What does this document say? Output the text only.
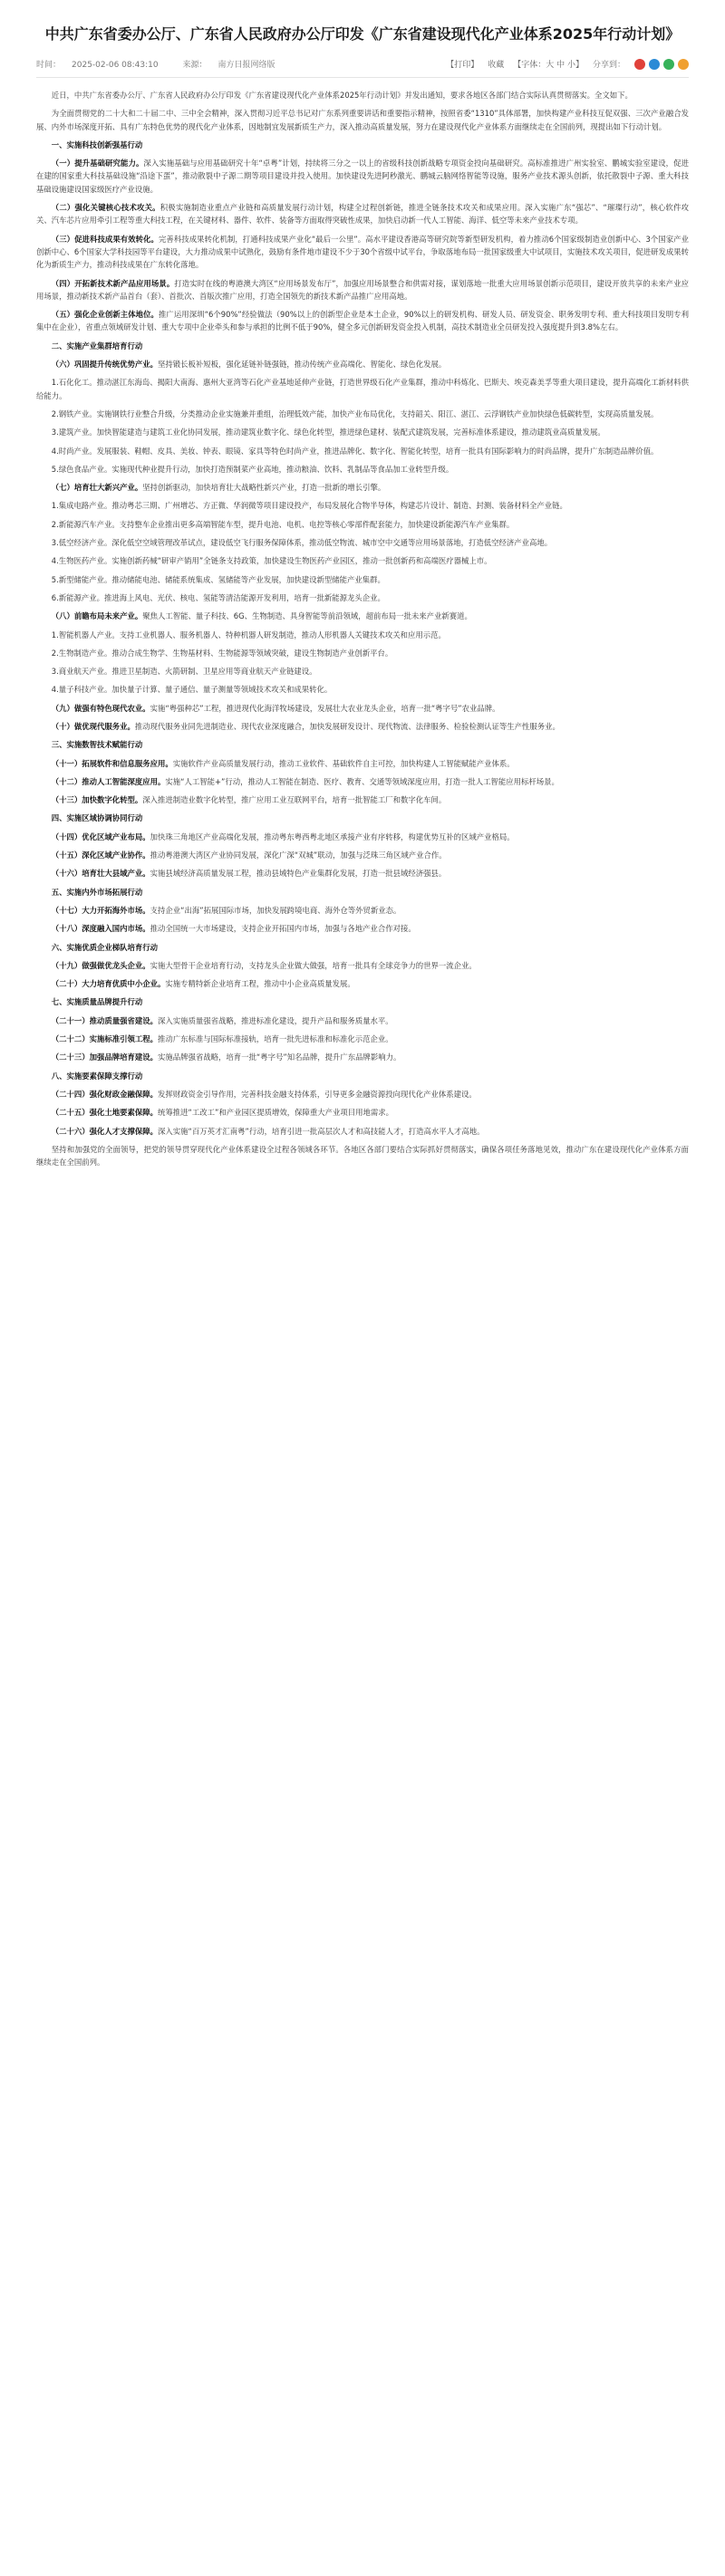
中共广东省委办公厅、广东省人民政府办公厅印发《广东省建设现代化产业体系2025年行动计划》
时间： 2025-02-06 08:43:10	来源： 南方日报网络版	【打印】 收藏 【字体：大 中 小】 分享到：

近日，中共广东省委办公厅、广东省人民政府办公厅印发《广东省建设现代化产业体系2025年行动计划》并发出通知，要求各地区各部门结合实际认真贯彻落实。全文如下。

为全面贯彻党的二十大和二十届二中、三中全会精神，深入贯彻习近平总书记对广东系列重要讲话和重要指示精神，按照省委“1310”具体部署，加快构建产业科技互促双强、三次产业融合发展、内外市场深度开拓、具有广东特色优势的现代化产业体系，因地制宜发展新质生产力，深入推动高质量发展，努力在建设现代化产业体系方面继续走在全国前列，现提出如下行动计划。

一、实施科技创新强基行动

（一）提升基础研究能力。深入实施基础与应用基础研究十年“卓粤”计划，持续将三分之一以上的省级科技创新战略专项资金投向基础研究。高标准推进广州实验室、鹏城实验室建设，促进在建的国家重大科技基础设施“沿途下蛋”，推动散裂中子源二期等项目建设并投入使用。加快建设先进阿秒激光、鹏城云脑网络智能等设施，服务产业技术源头创新，依托散裂中子源、重大科技基础设施建设国家级医疗产业设施。

（二）强化关键核心技术攻关。积极实施制造业重点产业链和高质量发展行动计划，构建全过程创新链，推进全链条技术攻关和成果应用。深入实施广东“强芯”、“璀璨行动”，核心软件攻关、汽车芯片应用牵引工程等重大科技工程，在关键材料、器件、软件、装备等方面取得突破性成果，加快启动新一代人工智能、海洋、低空等未来产业技术专项。

（三）促进科技成果有效转化。完善科技成果转化机制，打通科技成果产业化“最后一公里”。高水平建设香港高等研究院等新型研发机构，着力推动6个国家级制造业创新中心、3个国家产业创新中心、6个国家大学科技园等平台建设，大力推动成果中试熟化，鼓励有条件地市建设不少于30个省级中试平台，争取落地布局一批国家级重大中试项目，实施技术攻关项目，促进研发成果转化为新质生产力，推动科技成果在广东转化落地。

（四）开拓新技术新产品应用场景。打造实时在线的粤港澳大湾区“应用场景发布厅”，加强应用场景整合和供需对接，谋划落地一批重大应用场景创新示范项目，建设开放共享的未来产业应用场景，推动新技术新产品首台（套）、首批次、首版次推广应用，打造全国领先的新技术新产品推广应用高地。

（五）强化企业创新主体地位。推广运用深圳“6个90%”经验做法（90%以上的创新型企业是本土企业，90%以上的研发机构、研发人员、研发资金、职务发明专利、重大科技项目发明专利集中在企业），省重点领域研发计划、重大专项中企业牵头和参与承担的比例不低于90%，健全多元创新研发资金投入机制，高技术制造业全员研发投入强度提升到3.8%左右。

二、实施产业集群培育行动

（六）巩固提升传统优势产业。坚持锻长板补短板，强化延链补链强链，推动传统产业高端化、智能化、绿色化发展。

1.石化化工。推动湛江东海岛、揭阳大南海、惠州大亚湾等石化产业基地延伸产业链，打造世界级石化产业集群，推动中科炼化、巴斯夫、埃克森美孚等重大项目建设，提升高端化工新材料供给能力。

2.钢铁产业。实施钢铁行业整合升级，分类推动企业实施兼并重组，治理低效产能，加快产业布局优化，支持韶关、阳江、湛江、云浮钢铁产业加快绿色低碳转型，实现高质量发展。

3.建筑产业。加快智能建造与建筑工业化协同发展，推动建筑业数字化、绿色化转型，推进绿色建材、装配式建筑发展，完善标准体系建设，推动建筑业高质量发展。

4.时尚产业。发展服装、鞋帽、皮具、美妆、钟表、眼镜、家具等特色时尚产业，推进品牌化、数字化、智能化转型，培育一批具有国际影响力的时尚品牌，提升广东制造品牌价值。

5.绿色食品产业。实施现代种业提升行动，加快打造预制菜产业高地，推动粮油、饮料、乳制品等食品加工业转型升级。

（七）培育壮大新兴产业。坚持创新驱动，加快培育壮大战略性新兴产业，打造一批新的增长引擎。

1.集成电路产业。推动粤芯三期、广州增芯、方正微、华润微等项目建设投产，布局发展化合物半导体，构建芯片设计、制造、封测、装备材料全产业链。

2.新能源汽车产业。支持整车企业推出更多高端智能车型，提升电池、电机、电控等核心零部件配套能力，加快建设新能源汽车产业集群。

3.低空经济产业。深化低空空域管理改革试点，建设低空飞行服务保障体系，推动低空物流、城市空中交通等应用场景落地，打造低空经济产业高地。

4.生物医药产业。实施创新药械“研审产销用”全链条支持政策，加快建设生物医药产业园区，推动一批创新药和高端医疗器械上市。

5.新型储能产业。推动储能电池、储能系统集成、氢储能等产业发展，加快建设新型储能产业集群。

6.新能源产业。推进海上风电、光伏、核电、氢能等清洁能源开发利用，培育一批新能源龙头企业。

（八）前瞻布局未来产业。聚焦人工智能、量子科技、6G、生物制造、具身智能等前沿领域，超前布局一批未来产业新赛道。

1.智能机器人产业。支持工业机器人、服务机器人、特种机器人研发制造，推动人形机器人关键技术攻关和应用示范。

2.生物制造产业。推动合成生物学、生物基材料、生物能源等领域突破，建设生物制造产业创新平台。

3.商业航天产业。推进卫星制造、火箭研制、卫星应用等商业航天产业链建设。

4.量子科技产业。加快量子计算、量子通信、量子测量等领域技术攻关和成果转化。

（九）做强有特色现代农业。实施“粤强种芯”工程，推进现代化海洋牧场建设，发展壮大农业龙头企业，培育一批“粤字号”农业品牌。

（十）做优现代服务业。推动现代服务业同先进制造业、现代农业深度融合，加快发展研发设计、现代物流、法律服务、检验检测认证等生产性服务业。

三、实施数智技术赋能行动

（十一）拓展软件和信息服务应用。实施软件产业高质量发展行动，推动工业软件、基础软件自主可控，加快构建人工智能赋能产业体系。

（十二）推动人工智能深度应用。实施“人工智能+”行动，推动人工智能在制造、医疗、教育、交通等领域深度应用，打造一批人工智能应用标杆场景。

（十三）加快数字化转型。深入推进制造业数字化转型，推广应用工业互联网平台，培育一批智能工厂和数字化车间。

四、实施区域协调协同行动

（十四）优化区域产业布局。加快珠三角地区产业高端化发展，推动粤东粤西粤北地区承接产业有序转移，构建优势互补的区域产业格局。

（十五）深化区域产业协作。推动粤港澳大湾区产业协同发展，深化广深“双城”联动，加强与泛珠三角区域产业合作。

（十六）培育壮大县域产业。实施县域经济高质量发展工程，推动县域特色产业集群化发展，打造一批县域经济强县。

五、实施内外市场拓展行动

（十七）大力开拓海外市场。支持企业“出海”拓展国际市场，加快发展跨境电商、海外仓等外贸新业态。

（十八）深度融入国内市场。推动全国统一大市场建设，支持企业开拓国内市场，加强与各地产业合作对接。

六、实施优质企业梯队培育行动

（十九）做强做优龙头企业。实施大型骨干企业培育行动，支持龙头企业做大做强，培育一批具有全球竞争力的世界一流企业。

（二十）大力培育优质中小企业。实施专精特新企业培育工程，推动中小企业高质量发展。

七、实施质量品牌提升行动

（二十一）推动质量强省建设。深入实施质量强省战略，推进标准化建设，提升产品和服务质量水平。

（二十二）实施标准引领工程。推动广东标准与国际标准接轨，培育一批先进标准和标准化示范企业。

（二十三）加强品牌培育建设。实施品牌强省战略，培育一批“粤字号”知名品牌，提升广东品牌影响力。

八、实施要素保障支撑行动

（二十四）强化财政金融保障。发挥财政资金引导作用，完善科技金融支持体系，引导更多金融资源投向现代化产业体系建设。

（二十五）强化土地要素保障。统筹推进“工改工”和产业园区提质增效，保障重大产业项目用地需求。

（二十六）强化人才支撑保障。深入实施“百万英才汇南粤”行动，培育引进一批高层次人才和高技能人才，打造高水平人才高地。

坚持和加强党的全面领导，把党的领导贯穿现代化产业体系建设全过程各领域各环节。各地区各部门要结合实际抓好贯彻落实，确保各项任务落地见效，推动广东在建设现代化产业体系方面继续走在全国前列。
